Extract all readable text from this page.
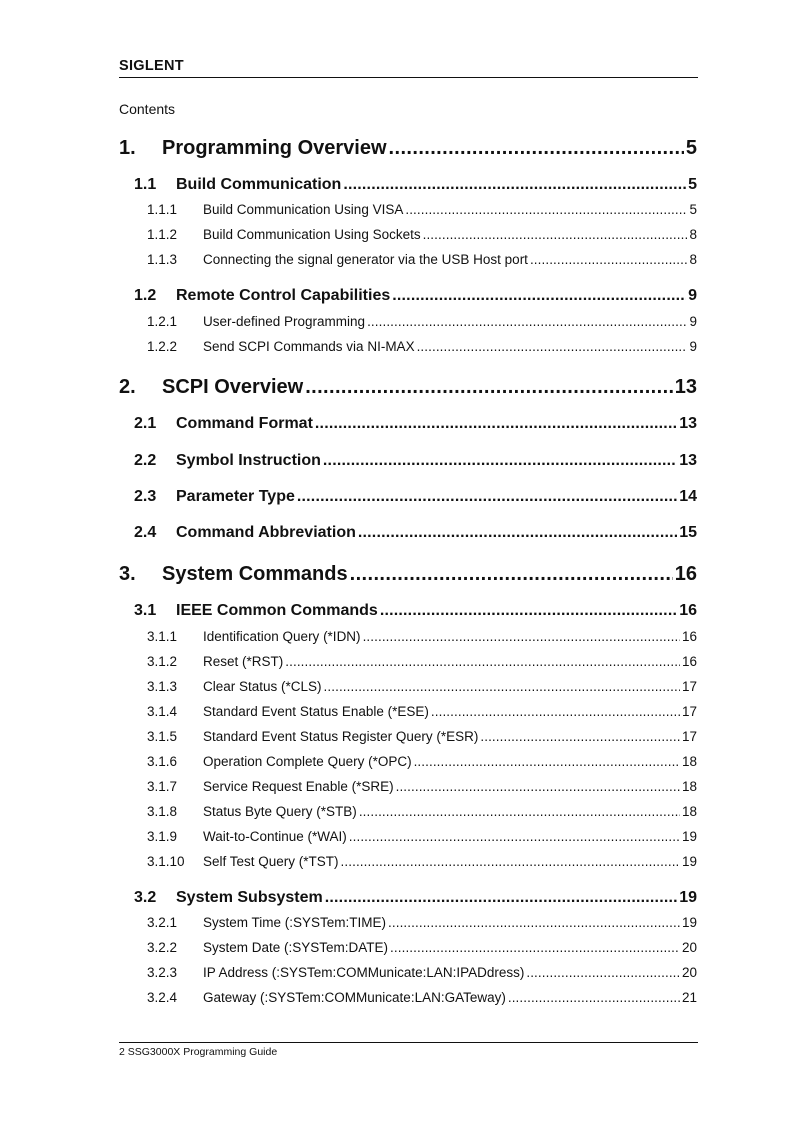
SIGLENT
Contents
1.	Programming Overview .....	5
1.1	Build Communication .....	5
1.1.1	Build Communication Using VISA .....	5
1.1.2	Build Communication Using Sockets .....	8
1.1.3	Connecting the signal generator via the USB Host port .....	8
1.2	Remote Control Capabilities .....	9
1.2.1	User-defined Programming .....	9
1.2.2	Send SCPI Commands via NI-MAX .....	9
2.	SCPI Overview .....	13
2.1	Command Format .....	13
2.2	Symbol Instruction .....	13
2.3	Parameter Type .....	14
2.4	Command Abbreviation .....	15
3.	System Commands .....	16
3.1	IEEE Common Commands .....	16
3.1.1	Identification Query (*IDN) .....	16
3.1.2	Reset (*RST) .....	16
3.1.3	Clear Status (*CLS) .....	17
3.1.4	Standard Event Status Enable (*ESE) .....	17
3.1.5	Standard Event Status Register Query (*ESR) .....	17
3.1.6	Operation Complete Query (*OPC) .....	18
3.1.7	Service Request Enable (*SRE) .....	18
3.1.8	Status Byte Query (*STB) .....	18
3.1.9	Wait-to-Continue (*WAI) .....	19
3.1.10	Self Test Query (*TST) .....	19
3.2	System Subsystem .....	19
3.2.1	System Time (:SYSTem:TIME) .....	19
3.2.2	System Date (:SYSTem:DATE) .....	20
3.2.3	IP Address (:SYSTem:COMMunicate:LAN:IPADdress) .....	20
3.2.4	Gateway (:SYSTem:COMMunicate:LAN:GATeway) .....	21
2 SSG3000X Programming Guide
